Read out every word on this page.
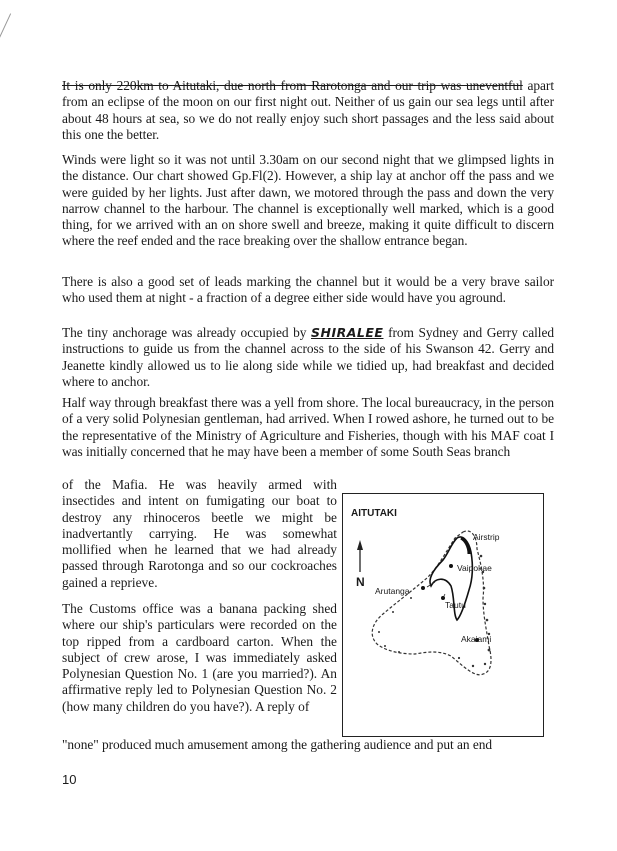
It is only 220km to Aitutaki, due north from Rarotonga and our trip was uneventful apart from an eclipse of the moon on our first night out. Neither of us gain our sea legs until after about 48 hours at sea, so we do not really enjoy such short passages and the less said about this one the better.

Winds were light so it was not until 3.30am on our second night that we glimpsed lights in the distance. Our chart showed Gp.Fl(2). However, a ship lay at anchor off the pass and we were guided by her lights. Just after dawn, we motored through the pass and down the very narrow channel to the harbour. The channel is exceptionally well marked, which is a good thing, for we arrived with an on shore swell and breeze, making it quite difficult to discern where the reef ended and the race breaking over the shallow entrance began.

There is also a good set of leads marking the channel but it would be a very brave sailor who used them at night - a fraction of a degree either side would have you aground.

The tiny anchorage was already occupied by SHIRALEE from Sydney and Gerry called instructions to guide us from the channel across to the side of his Swanson 42. Gerry and Jeanette kindly allowed us to lie along side while we tidied up, had breakfast and decided where to anchor.

Half way through breakfast there was a yell from shore. The local bureaucracy, in the person of a very solid Polynesian gentleman, had arrived. When I rowed ashore, he turned out to be the representative of the Ministry of Agriculture and Fisheries, though with his MAF coat I was initially concerned that he may have been a member of some South Seas branch

of the Mafia. He was heavily armed with insectides and intent on fumigating our boat to destroy any rhinoceros beetle we might be inadvertantly carrying. He was somewhat mollified when he learned that we had already passed through Rarotonga and so our cockroaches gained a reprieve.

The Customs office was a banana packing shed where our ship's particulars were recorded on the top ripped from a cardboard carton. When the subject of crew arose, I was immediately asked Polynesian Question No. 1 (are you married?). An affirmative reply led to Polynesian Question No. 2 (how many children do you have?). A reply of

"none" produced much amusement among the gathering audience and put an end

AITUTAKI
N
Airstrip
Vaipokae
Arutanga
Tautu
Akaiami
10
